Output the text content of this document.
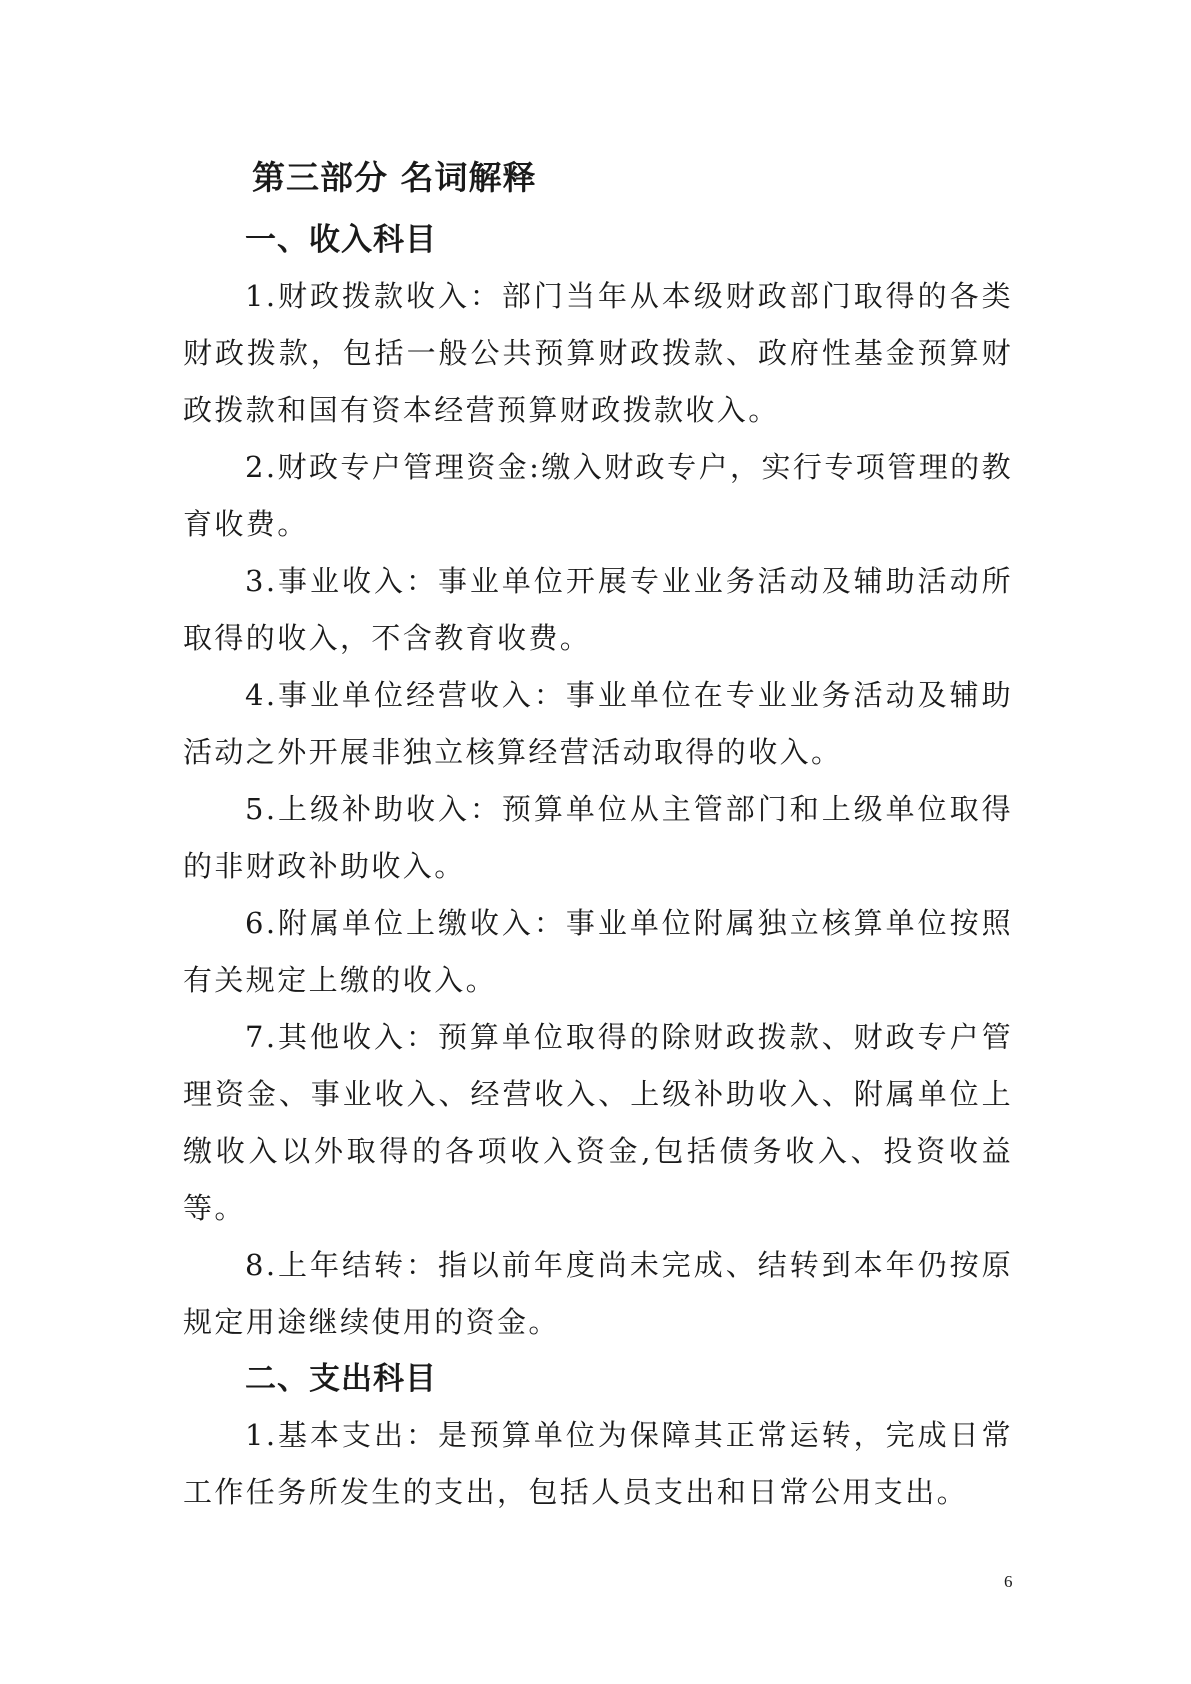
第三部分 名词解释
一、收入科目

1.财政拨款收入：部门当年从本级财政部门取得的各类财政拨款，包括一般公共预算财政拨款、政府性基金预算财政拨款和国有资本经营预算财政拨款收入。

2.财政专户管理资金:缴入财政专户，实行专项管理的教育收费。

3.事业收入：事业单位开展专业业务活动及辅助活动所取得的收入，不含教育收费。

4.事业单位经营收入：事业单位在专业业务活动及辅助活动之外开展非独立核算经营活动取得的收入。

5.上级补助收入：预算单位从主管部门和上级单位取得的非财政补助收入。

6.附属单位上缴收入：事业单位附属独立核算单位按照有关规定上缴的收入。

7.其他收入：预算单位取得的除财政拨款、财政专户管理资金、事业收入、经营收入、上级补助收入、附属单位上缴收入以外取得的各项收入资金,包括债务收入、投资收益等。

8.上年结转：指以前年度尚未完成、结转到本年仍按原规定用途继续使用的资金。

二、支出科目

1.基本支出：是预算单位为保障其正常运转，完成日常工作任务所发生的支出，包括人员支出和日常公用支出。

6
